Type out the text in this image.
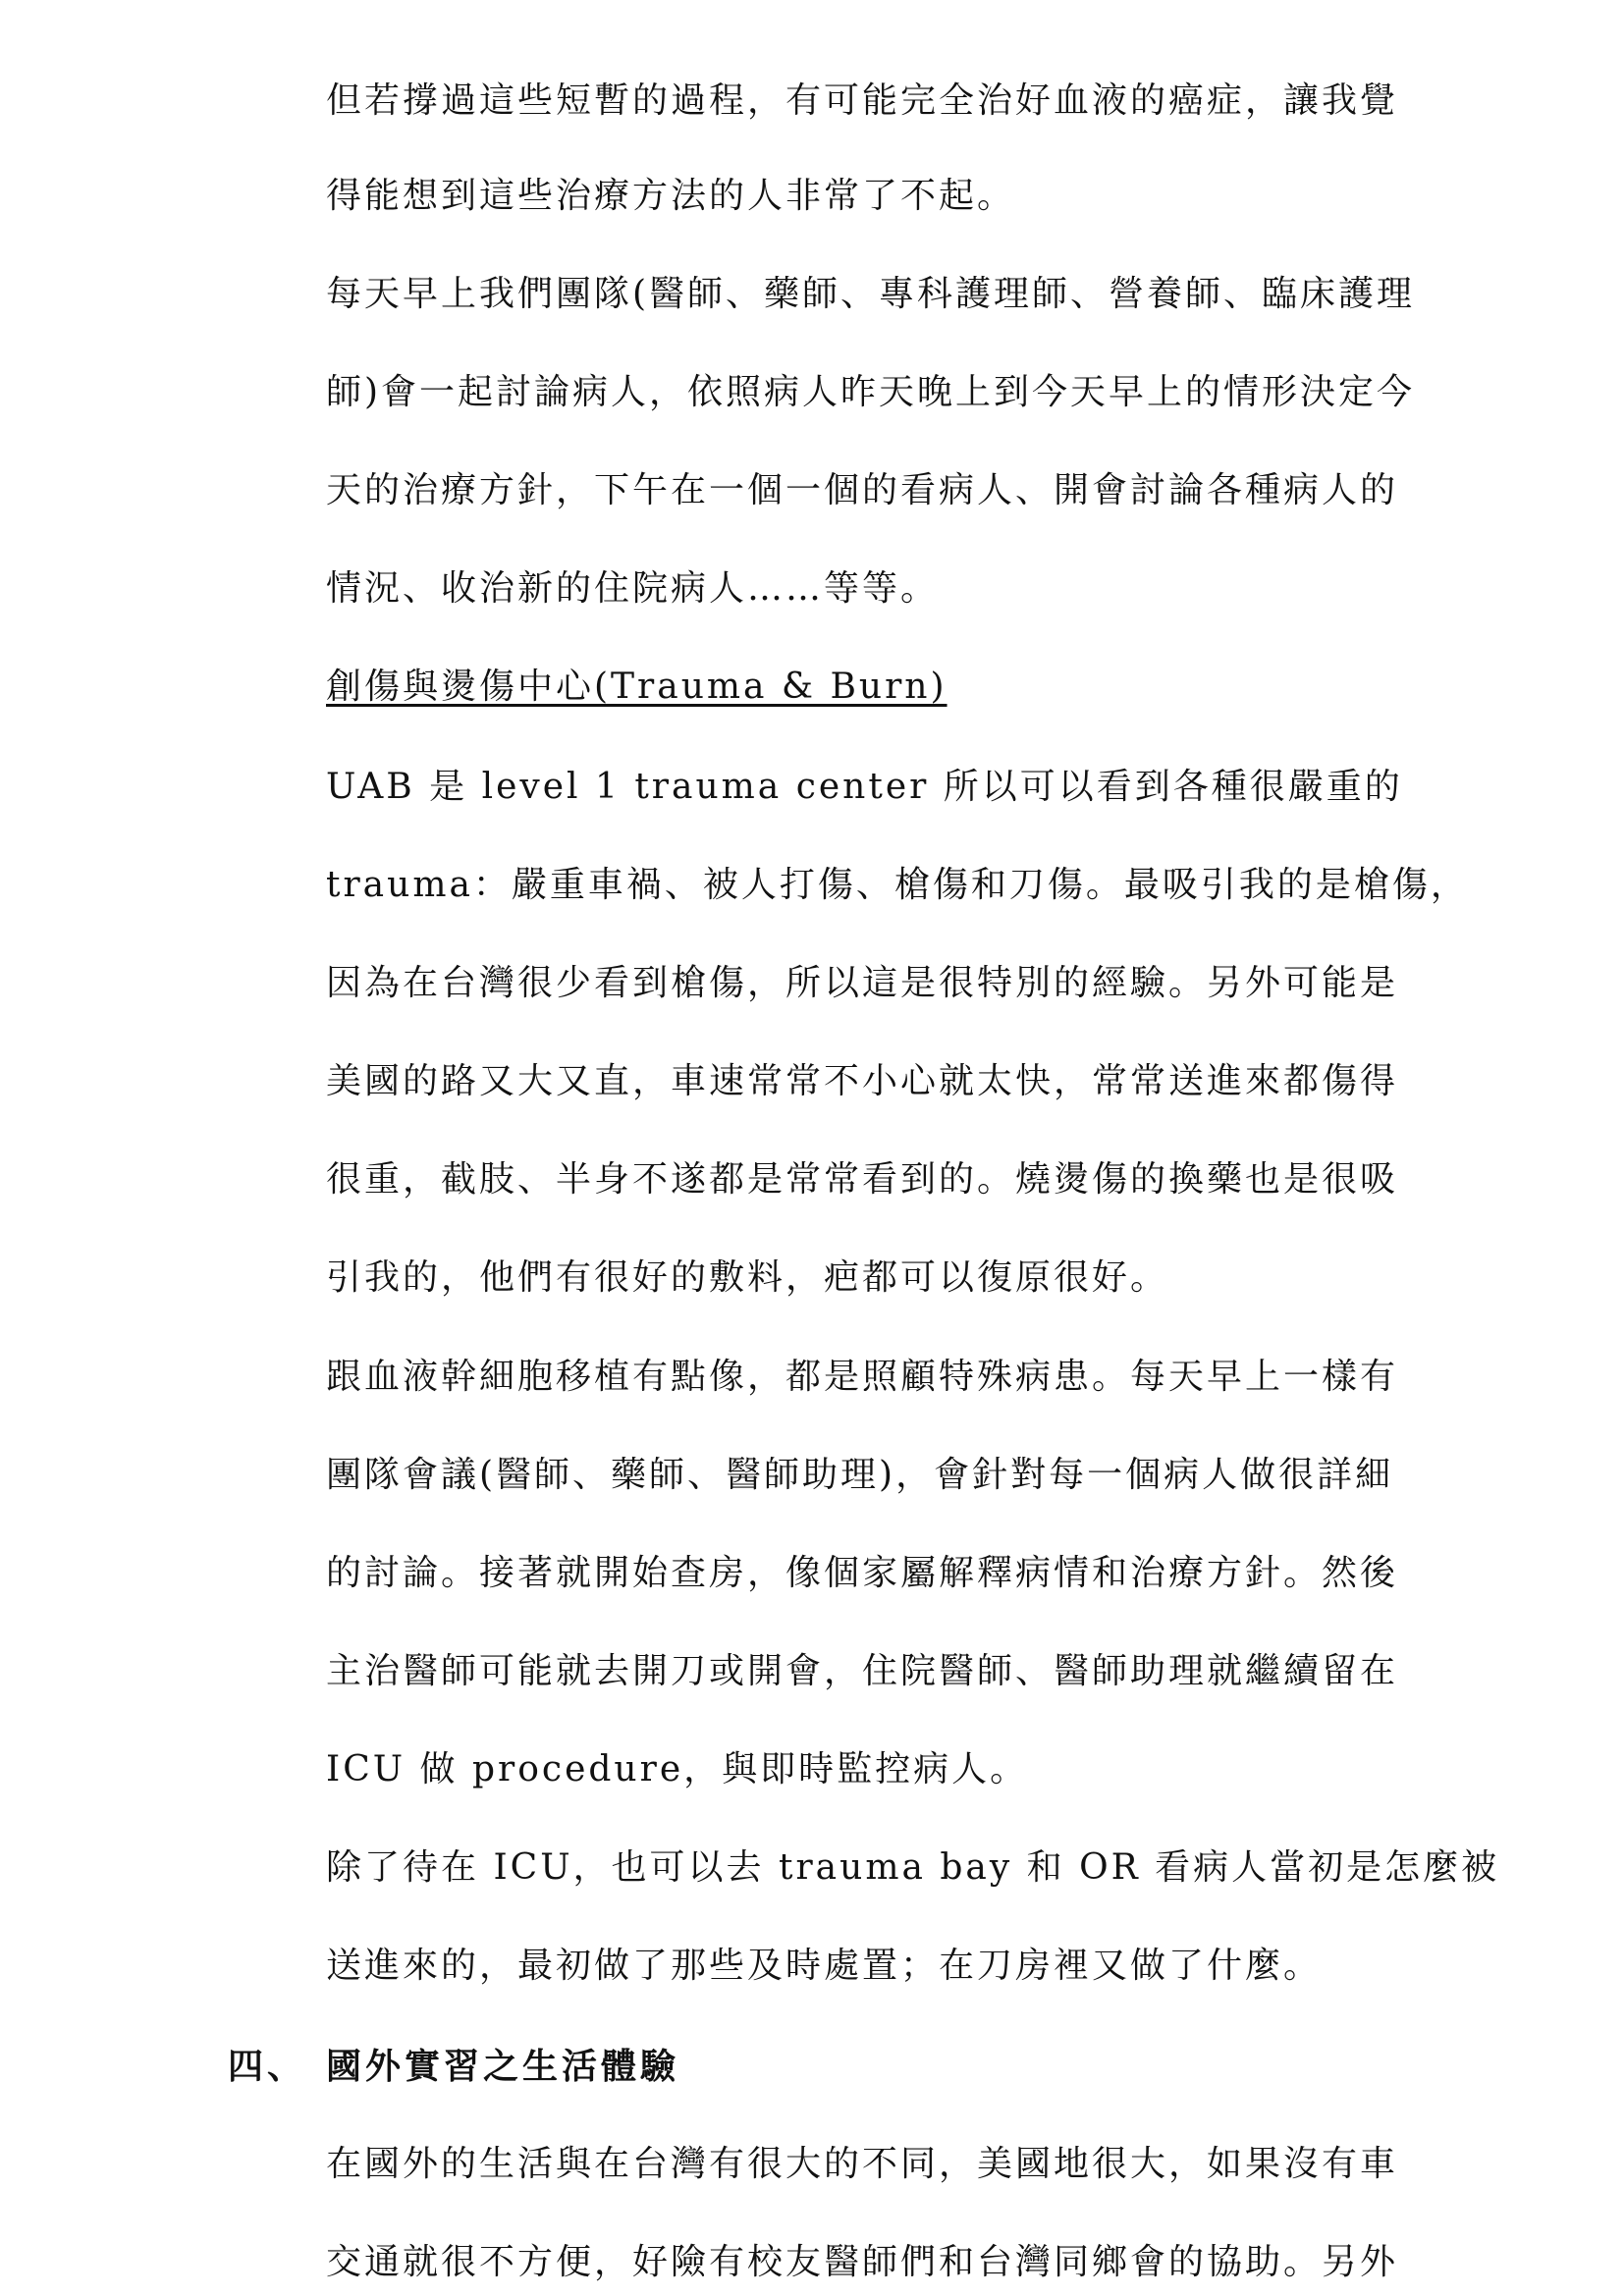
但若撐過這些短暫的過程，有可能完全治好血液的癌症，讓我覺
得能想到這些治療方法的人非常了不起。
每天早上我們團隊(醫師、藥師、專科護理師、營養師、臨床護理
師)會一起討論病人，依照病人昨天晚上到今天早上的情形決定今
天的治療方針，下午在一個一個的看病人、開會討論各種病人的
情況、收治新的住院病人……等等。
創傷與燙傷中心(Trauma & Burn)
UAB 是 level 1 trauma center 所以可以看到各種很嚴重的
trauma：嚴重車禍、被人打傷、槍傷和刀傷。最吸引我的是槍傷，
因為在台灣很少看到槍傷，所以這是很特別的經驗。另外可能是
美國的路又大又直，車速常常不小心就太快，常常送進來都傷得
很重，截肢、半身不遂都是常常看到的。燒燙傷的換藥也是很吸
引我的，他們有很好的敷料，疤都可以復原很好。
跟血液幹細胞移植有點像，都是照顧特殊病患。每天早上一樣有
團隊會議(醫師、藥師、醫師助理)，會針對每一個病人做很詳細
的討論。接著就開始查房，像個家屬解釋病情和治療方針。然後
主治醫師可能就去開刀或開會，住院醫師、醫師助理就繼續留在
ICU 做 procedure，與即時監控病人。
除了待在 ICU，也可以去 trauma bay 和 OR 看病人當初是怎麼被
送進來的，最初做了那些及時處置；在刀房裡又做了什麼。
四、 國外實習之生活體驗
在國外的生活與在台灣有很大的不同，美國地很大，如果沒有車
交通就很不方便，好險有校友醫師們和台灣同鄉會的協助。另外
